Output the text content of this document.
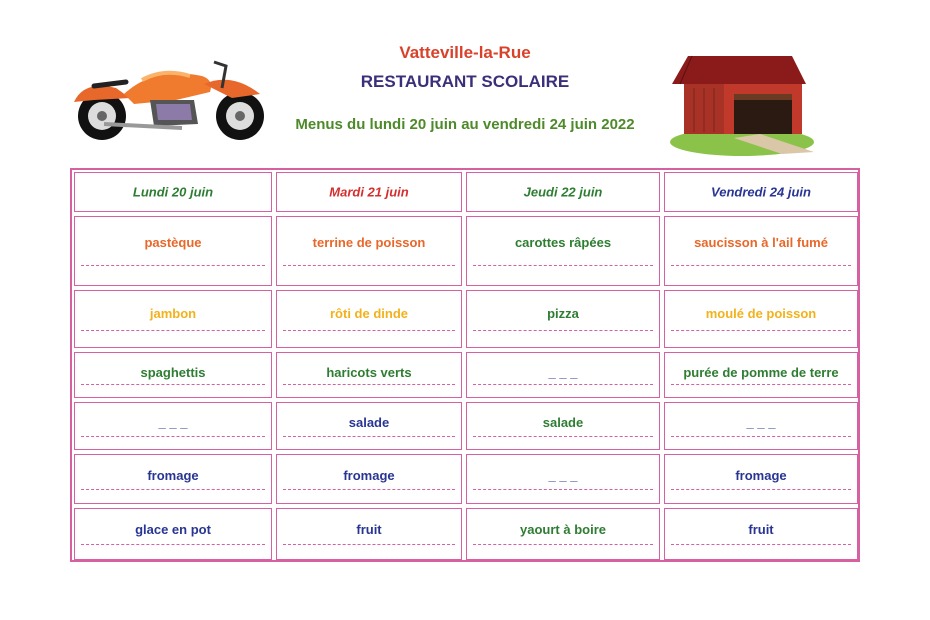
Vatteville-la-Rue
RESTAURANT SCOLAIRE
Menus du lundi 20 juin au vendredi 24 juin 2022
Lundi 20 juin	Mardi 21 juin	Jeudi 22 juin	Vendredi 24 juin
pastèque	terrine de poisson	carottes râpées	saucisson à l'ail fumé
jambon	rôti de dinde	pizza	moulé de poisson
spaghettis	haricots verts	_ _ _	purée de pomme de terre
_ _ _	salade	salade	_ _ _
fromage	fromage	_ _ _	fromage
glace en pot	fruit	yaourt à boire	fruit
